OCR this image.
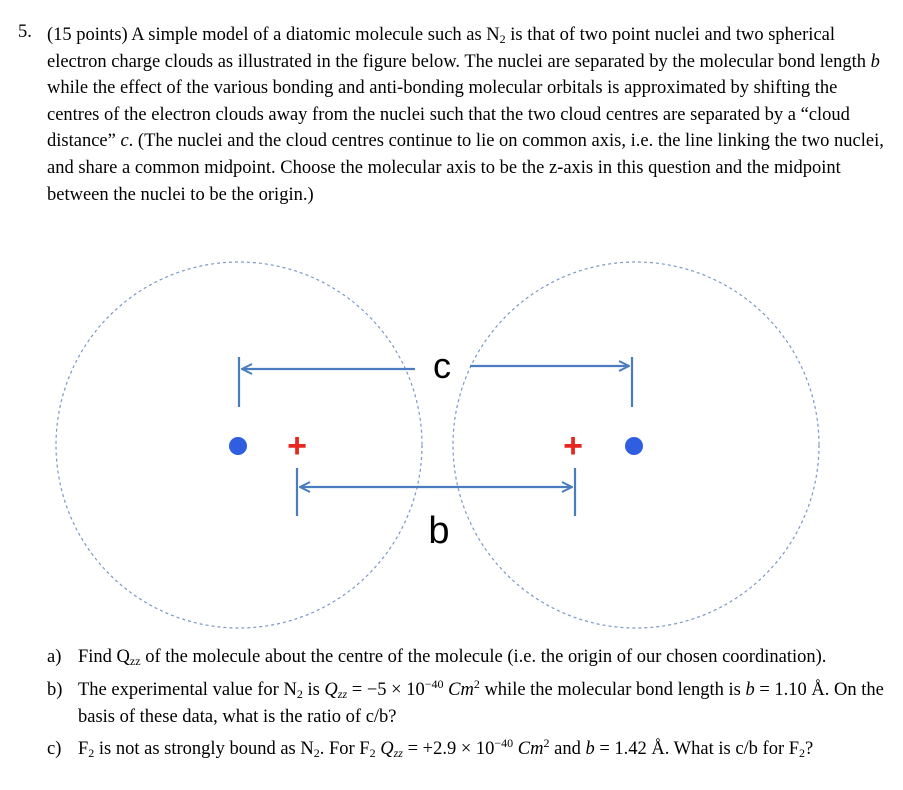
5. (15 points) A simple model of a diatomic molecule such as $N_2$ is that of two point nuclei and two spherical electron charge clouds as illustrated in the figure below. The nuclei are separated by the molecular bond length b while the effect of the various bonding and anti-bonding molecular orbitals is approximated by shifting the centres of the electron clouds away from the nuclei such that the two cloud centres are separated by a “cloud distance” c. (The nuclei and the cloud centres continue to lie on common axis, i.e. the line linking the two nuclei, and share a common midpoint. Choose the molecular axis to be the z-axis in this question and the midpoint between the nuclei to be the origin.)

c
b
+	+
a) Find $Q_{zz}$ of the molecule about the centre of the molecule (i.e. the origin of our chosen coordination).
b) The experimental value for $N_2$ is $Q_{zz} = -5 \times 10^{-40}$ Cm$^2$ while the molecular bond length is b = 1.10 Å. On the basis of these data, what is the ratio of c/b?
c) $F_2$ is not as strongly bound as $N_2$. For $F_2$ $Q_{zz} = +2.9 \times 10^{-40}$ Cm$^2$ and b = 1.42 Å. What is c/b for $F_2$?
